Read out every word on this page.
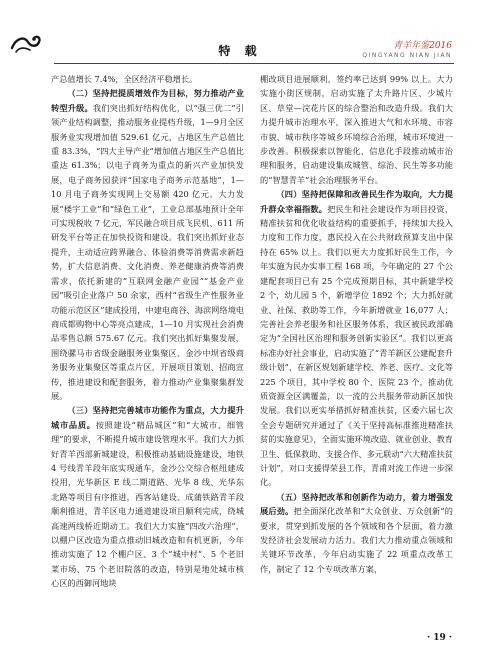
特 载	青羊年鉴2016
QINGYANG NIAN JIAN

产总值增长 7.4%，全区经济平稳增长。

（二）坚持把提质增效作为目标，努力推动产业转型升级。我们突出抓好结构优化，以“强三优二”引领产业结构调整，推动服务业提档升级，1—9月全区服务业实现增加值 529.61 亿元，占地区生产总值比重 83.3%，“四大主导产业”增加值占地区生产总值比重达 61.3%；以电子商务为重点的新兴产业加快发展，电子商务园获评“国家电子商务示范基地”，1—10 月电子商务实现网上交易额 420 亿元。大力发展“楼宇工业”和“绿色工业”，工业总部基地预计全年可实现税收 7 亿元，军民融合项目成飞民机、611 所研发平台等正在加快投资和建设。我们突出抓好业态提升，主动适应跨界融合、体验消费等消费需求新趋势，扩大信息消费、文化消费、养老健康消费等消费需求，依托新建的“互联网金融产业园”“基金产业园”吸引企业落户 50 余家，西村“省级生产性服务业功能示范区区”建成投用，中建电商谷、海滨网络境电商成都购物中心等亮点建成，1—10 月实现社会消费品零售总额 575.67 亿元。我们突出抓好集聚发展，围绕骡马市省级金融服务业集聚区、金沙中坝省级商务服务业集聚区等重点片区，开展项目策划、招商宣传，推进建设和配套服务，着力推动产业集聚集群发展。

（三）坚持把完善城市功能作为重点，大力提升城市品质。按照建设“精品城区”和“大城市、细管理”的要求，不断提升城市建设管理水平。我们大力抓好青羊西部新城建设，积极推动基础设施建设，地铁 4 号线青羊段年底实现通车，金沙公交综合枢纽建成投用，光华新区 E 线二期道路、光华 8 线、光华东北路等项目有序推进，西客站建设、成蒲铁路青羊段顺利推进，青羊区电力通道建设项目顺利完成，绕城高速两线桥近期动工。我们大力实施“四改六治理”，以棚户区改造为重点推动旧城改造和有机更新，今年推动实施了 12 个棚户区、3 个“城中村”、5 个老旧菜市场、75 个老旧院落的改造，特别是地处城市核心区的西御河地块

棚改项目进展顺利，签约率已达到 99% 以上。大力实施小街区规制，启动实施了太升路片区、少城片区、草堂—浣花片区的综合整治和改造升级。我们大力提升城市治理水平，深入推进大气和水环境、市容市貌、城市秩序等城乡环境综合治理，城市环境进一步改善。积极探索以智能化、信息化手段推动城市治理和服务，启动建设集成城管、综治、民生等多功能的“智慧青羊”社会治理服务平台。

（四）坚持把保障和改善民生作为取向，大力提升群众幸福指数。把民生和社会建设作为项目投资，精准扶贫和优化收益结构的重要抓手，持续加大投入力度和工作力度，惠民投入在公共财政预算支出中保持在 65% 以上。我们以更大力度抓好民生工作，今年实施为民办实事工程 168 项，今年确定的 27 个公建配套项目已有 25 个完成预期目标，其中新建学校 2 个，幼儿园 5 个，新增学位 1892 个；大力抓好就业、社保、救助等工作，今年新增就业 16,077 人；完善社会养老服务和社区服务体系，我区被民政部确定为“全国社区治理和服务创新实验区”。我们以更高标准办好社会事业，启动实施了“青羊新区公建配套升级计划”，在新区规划新建学校、养老、医疗、文化等 225 个项目，其中学校 80 个、医院 23 个，推动优质资源全区满覆盖，以一流的公共服务带动新区加快发展。我们以更实举措抓好精准扶贫，区委六届七次全会专题研究并通过了《关于坚持高标准推进精准扶贫的实施意见》，全面实施环境改造、就业创业、教育卫生、低保救助、支援合作、多元联动“六大精准扶贫计划”，对口支援得荣县工作，青甫对流工作进一步深化。

（五）坚持把改革和创新作为动力，着力增强发展后劲。把全面深化改革和“大众创业、万众创新”的要求，贯穿到抓发展的各个领域和各个层面，着力激发经济社会发展动力活力。我们大力推动重点领域和关键环节改革，今年启动实施了 22 项重点改革工作，制定了 12 个专项改革方案，

· 19 ·
